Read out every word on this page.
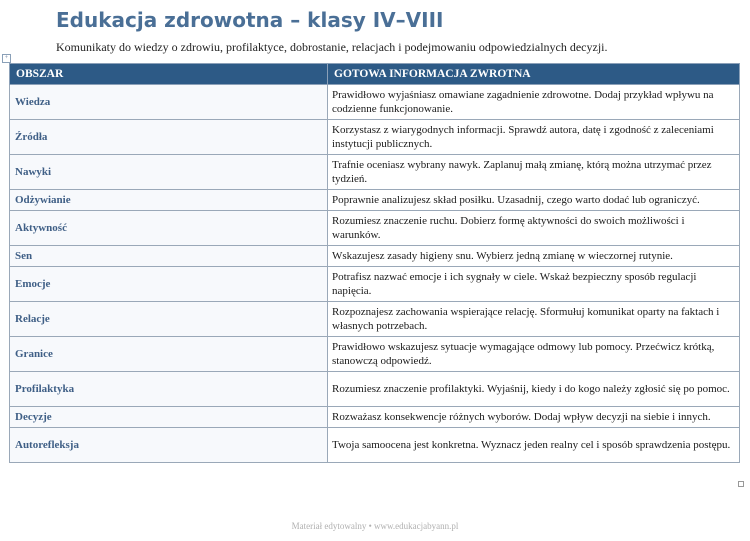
Edukacja zdrowotna – klasy IV–VIII

Komunikaty do wiedzy o zdrowiu, profilaktyce, dobrostanie, relacjach i podejmowaniu odpowiedzialnych decyzji.

+
OBSZAR	GOTOWA INFORMACJA ZWROTNA
Wiedza	Prawidłowo wyjaśniasz omawiane zagadnienie zdrowotne. Dodaj przykład wpływu na codzienne funkcjonowanie.
Źródła	Korzystasz z wiarygodnych informacji. Sprawdź autora, datę i zgodność z zaleceniami instytucji publicznych.
Nawyki	Trafnie oceniasz wybrany nawyk. Zaplanuj małą zmianę, którą można utrzymać przez tydzień.
Odżywianie	Poprawnie analizujesz skład posiłku. Uzasadnij, czego warto dodać lub ograniczyć.
Aktywność	Rozumiesz znaczenie ruchu. Dobierz formę aktywności do swoich możliwości i warunków.
Sen	Wskazujesz zasady higieny snu. Wybierz jedną zmianę w wieczornej rutynie.
Emocje	Potrafisz nazwać emocje i ich sygnały w ciele. Wskaż bezpieczny sposób regulacji napięcia.
Relacje	Rozpoznajesz zachowania wspierające relację. Sformułuj komunikat oparty na faktach i własnych potrzebach.
Granice	Prawidłowo wskazujesz sytuacje wymagające odmowy lub pomocy. Przećwicz krótką, stanowczą odpowiedź.
Profilaktyka	Rozumiesz znaczenie profilaktyki. Wyjaśnij, kiedy i do kogo należy zgłosić się po pomoc.
Decyzje	Rozważasz konsekwencje różnych wyborów. Dodaj wpływ decyzji na siebie i innych.
Autorefleksja	Twoja samoocena jest konkretna. Wyznacz jeden realny cel i sposób sprawdzenia postępu.
Materiał edytowalny • www.edukacjabyann.pl
